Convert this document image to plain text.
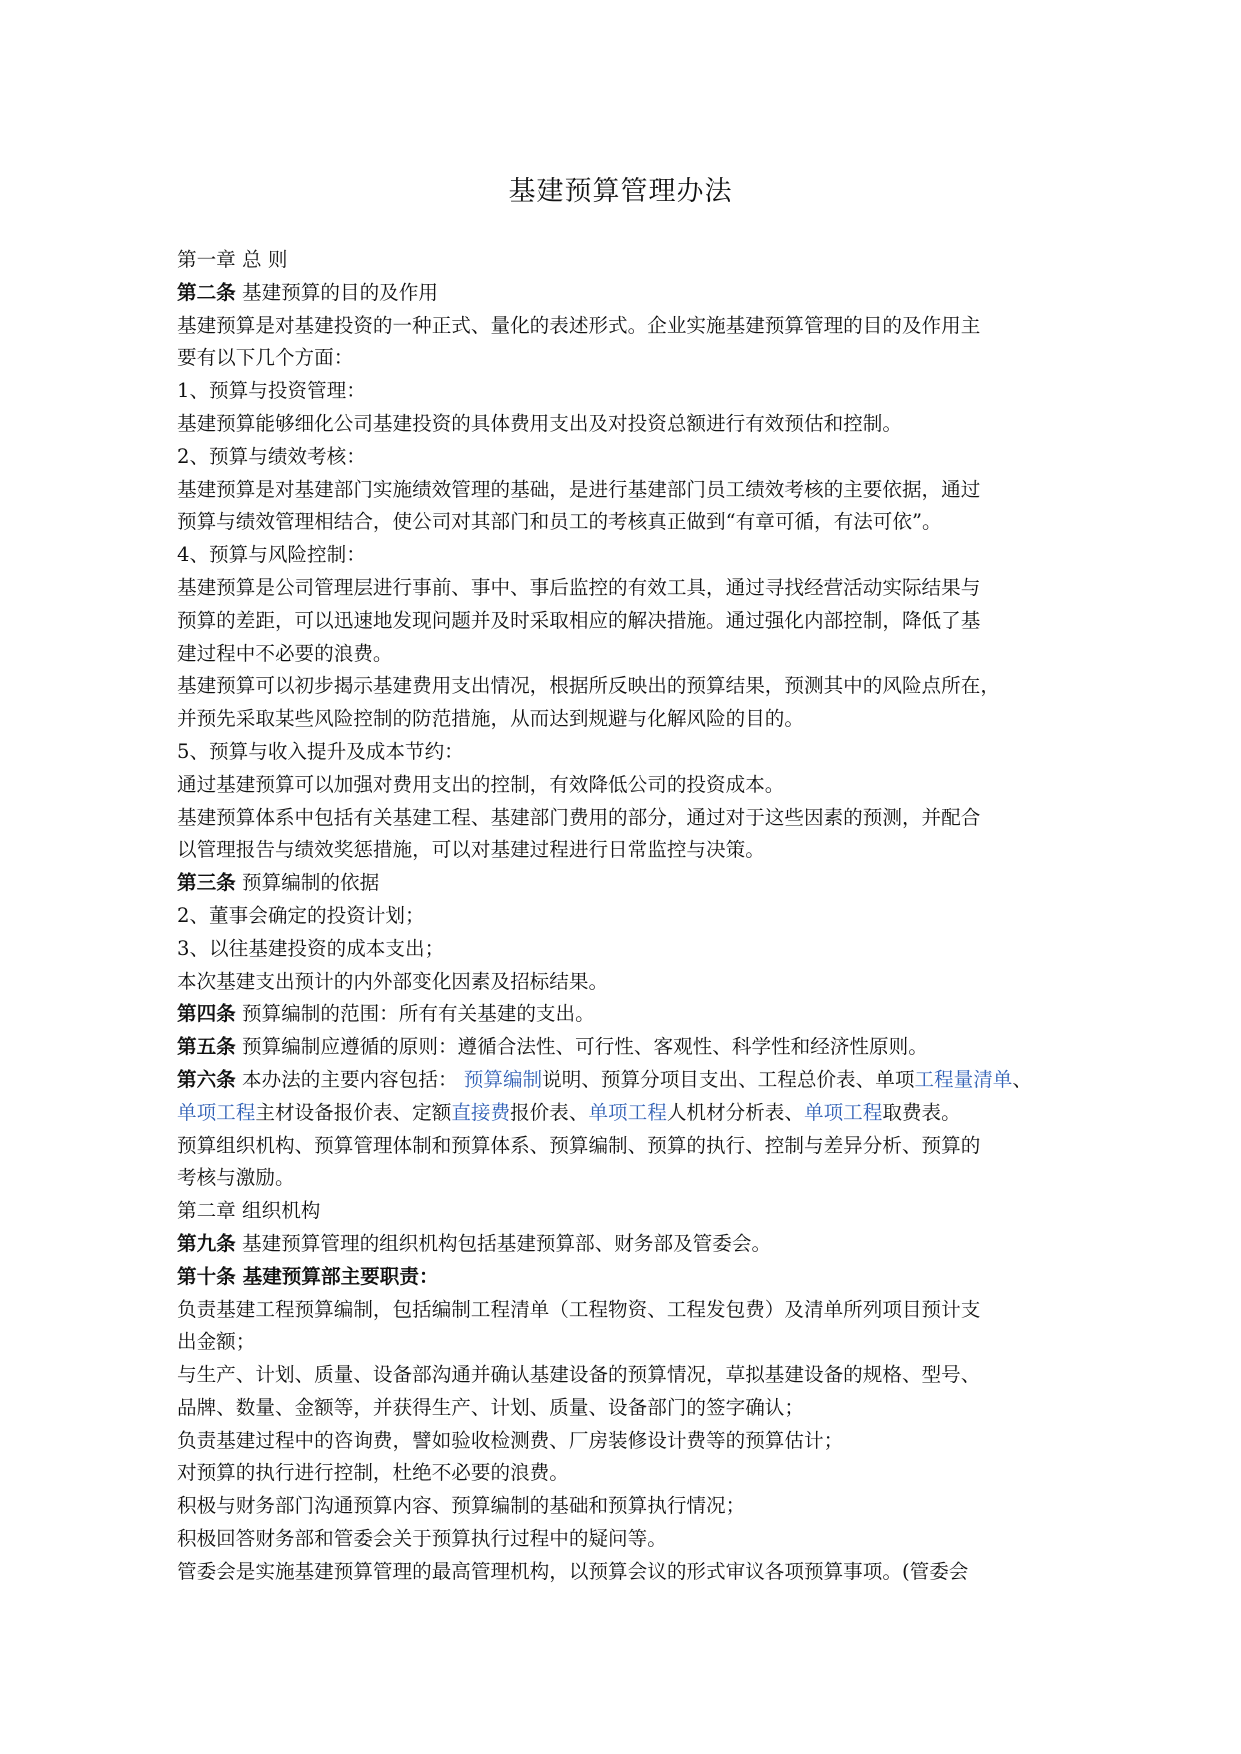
基建预算管理办法
第一章 总 则
第二条 基建预算的目的及作用
基建预算是对基建投资的一种正式、量化的表述形式。企业实施基建预算管理的目的及作用主
要有以下几个方面：
1、预算与投资管理：
基建预算能够细化公司基建投资的具体费用支出及对投资总额进行有效预估和控制。
2、预算与绩效考核：
基建预算是对基建部门实施绩效管理的基础，是进行基建部门员工绩效考核的主要依据，通过
预算与绩效管理相结合，使公司对其部门和员工的考核真正做到“有章可循，有法可依”。
4、预算与风险控制：
基建预算是公司管理层进行事前、事中、事后监控的有效工具，通过寻找经营活动实际结果与
预算的差距，可以迅速地发现问题并及时采取相应的解决措施。通过强化内部控制，降低了基
建过程中不必要的浪费。
基建预算可以初步揭示基建费用支出情况，根据所反映出的预算结果，预测其中的风险点所在，
并预先采取某些风险控制的防范措施，从而达到规避与化解风险的目的。
5、预算与收入提升及成本节约：
通过基建预算可以加强对费用支出的控制，有效降低公司的投资成本。
基建预算体系中包括有关基建工程、基建部门费用的部分，通过对于这些因素的预测，并配合
以管理报告与绩效奖惩措施，可以对基建过程进行日常监控与决策。
第三条 预算编制的依据
2、董事会确定的投资计划；
3、以往基建投资的成本支出；
本次基建支出预计的内外部变化因素及招标结果。
第四条 预算编制的范围：所有有关基建的支出。
第五条 预算编制应遵循的原则：遵循合法性、可行性、客观性、科学性和经济性原则。
第六条 本办法的主要内容包括： 预算编制说明、预算分项目支出、工程总价表、单项工程量清单、
单项工程主材设备报价表、定额直接费报价表、单项工程人机材分析表、单项工程取费表。
预算组织机构、预算管理体制和预算体系、预算编制、预算的执行、控制与差异分析、预算的
考核与激励。
第二章 组织机构
第九条 基建预算管理的组织机构包括基建预算部、财务部及管委会。
第十条 基建预算部主要职责：
负责基建工程预算编制，包括编制工程清单（工程物资、工程发包费）及清单所列项目预计支
出金额；
与生产、计划、质量、设备部沟通并确认基建设备的预算情况，草拟基建设备的规格、型号、
品牌、数量、金额等，并获得生产、计划、质量、设备部门的签字确认；
负责基建过程中的咨询费，譬如验收检测费、厂房装修设计费等的预算估计；
对预算的执行进行控制，杜绝不必要的浪费。
积极与财务部门沟通预算内容、预算编制的基础和预算执行情况；
积极回答财务部和管委会关于预算执行过程中的疑问等。
管委会是实施基建预算管理的最高管理机构，以预算会议的形式审议各项预算事项。(管委会
